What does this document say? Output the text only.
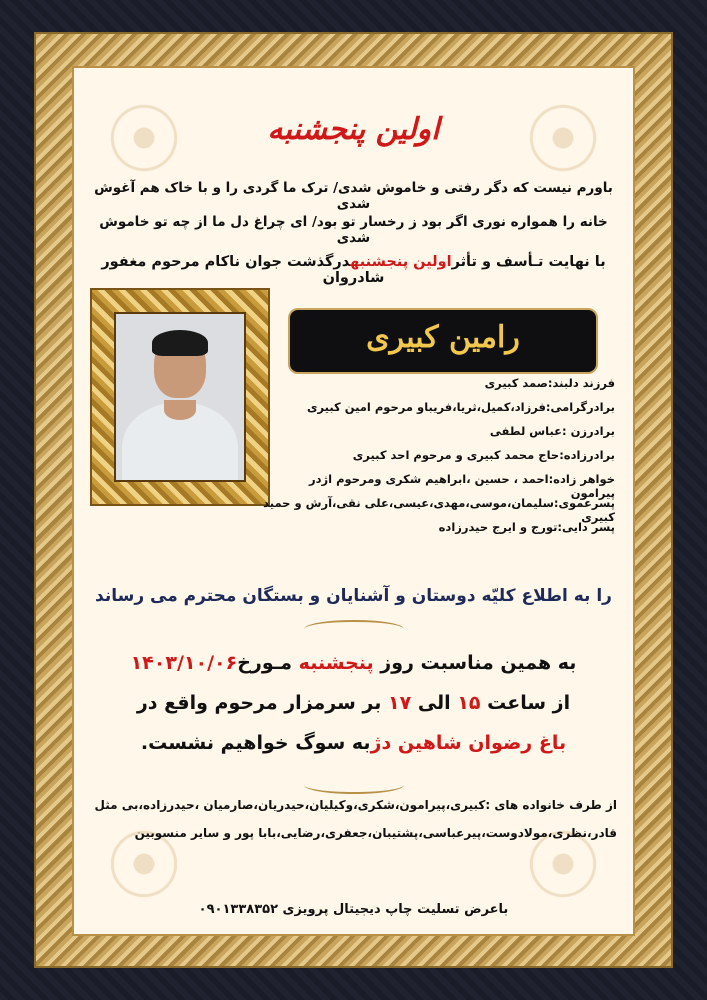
اولین پنجشنبه
باورم نیست که دگر رفتی و خاموش شدی/ ترک ما گردی را و با خاک هم آغوش شدی
خانه را همواره نوری اگر بود ز رخسار تو بود/ ای چراغ دل ما از چه تو خاموش شدی
با نهایت تـأسف و تأثراولین پنجشنبهدرگذشت جوان ناکام مرحوم مغفور شادروان
رامین کبیری
فرزند دلبند:صمد کبیری
برادرگرامی:فرزاد،کمیل،ثریا،فریباو مرحوم امین کبیری
برادرزن :عباس لطفی
برادرزاده:حاج محمد کبیری و مرحوم احد کبیری
خواهر زاده:احمد ، حسین ،ابراهیم شکری ومرحوم اژدر پیرامون
پسرعموی:سلیمان،موسی،مهدی،عیسی،علی نقی،آرش و حمید کبیری
پسر دایی:تورج و ایرج حیدرزاده
را به اطلاع کلیّه دوستان و آشنایان و بستگان محترم می رساند
به همین مناسبت روز پنجشنبه مـورخ۱۴۰۳/۱۰/۰۶
از ساعت ۱۵ الی ۱۷ بر سرمزار مرحوم واقع در
باغ رضوان شاهین دژبه سوگ خواهیم نشست.
از طرف خانواده های :کبیری،پیرامون،شکری،وکیلیان،حیدریان،صارمیان ،حیدرزاده،بی مثل
قادر،نظری،مولادوست،پیرعباسی،پشتیبان،جعفری،رضایی،بابا پور و سایر منسوبین
باعرض تسلیت چاپ دیجیتال پرویزی ۰۹۰۱۳۳۸۳۵۲
